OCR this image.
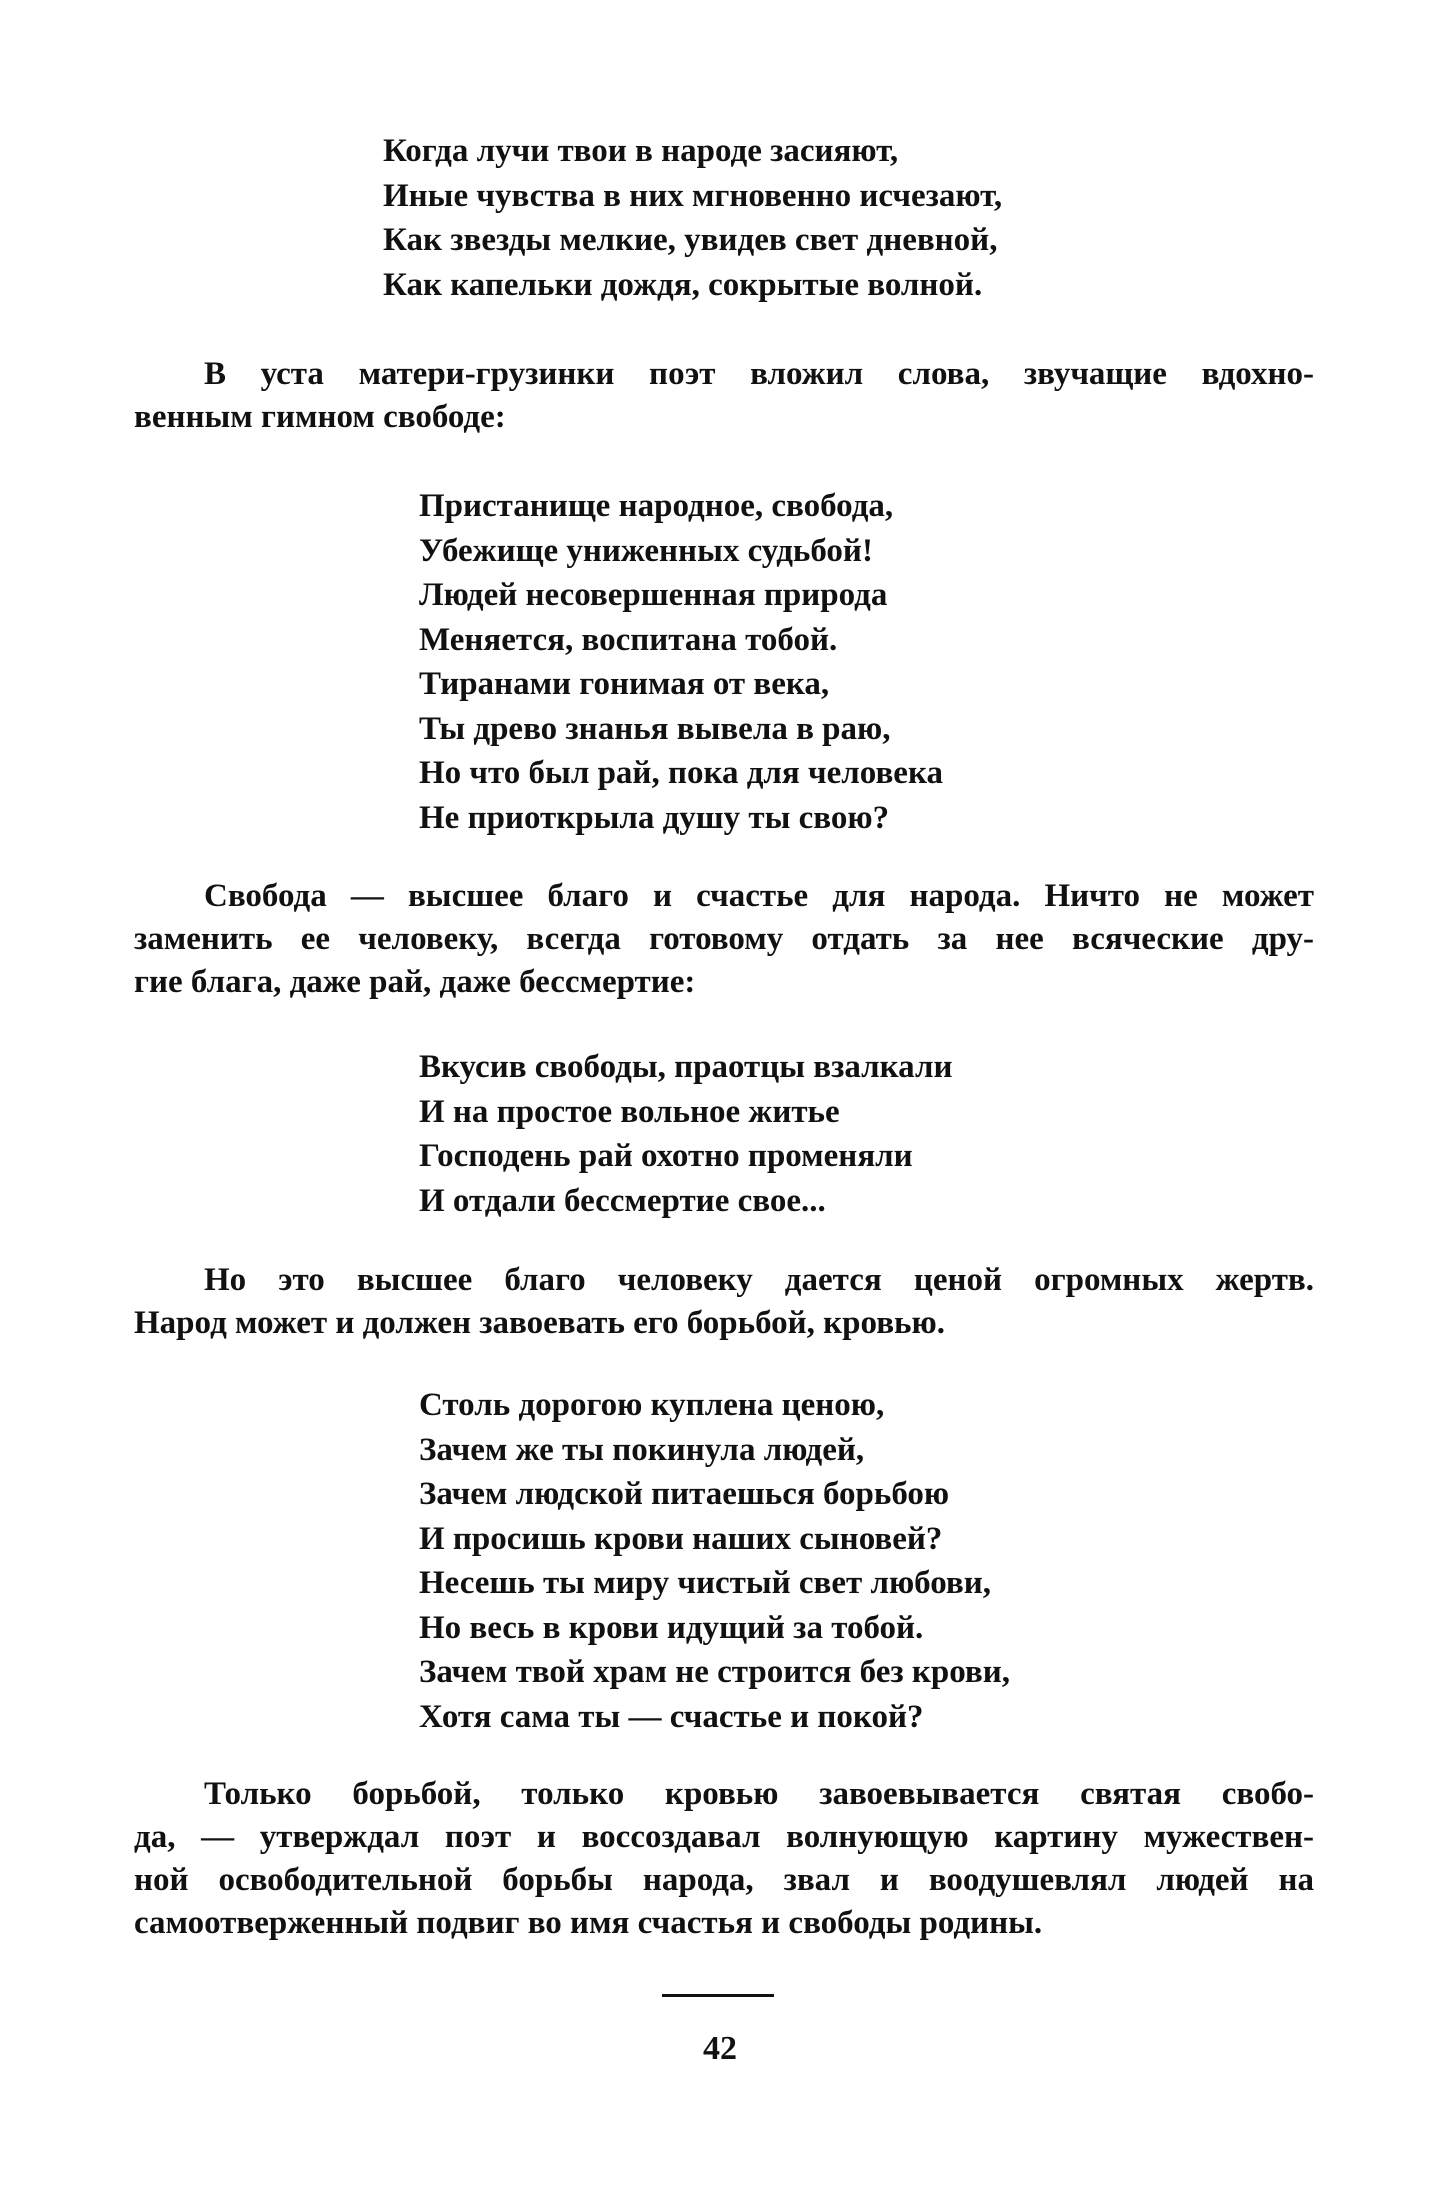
Когда лучи твои в народе засияют,
Иные чувства в них мгновенно исчезают,
Как звезды мелкие, увидев свет дневной,
Как капельки дождя, сокрытые волной.
В уста матери-грузинки поэт вложил слова, звучащие вдохно-
венным гимном свободе:
Пристанище народное, свобода,
Убежище униженных судьбой!
Людей несовершенная природа
Меняется, воспитана тобой.
Тиранами гонимая от века,
Ты древо знанья вывела в раю,
Но что был рай, пока для человека
Не приоткрыла душу ты свою?
Свобода — высшее благо и счастье для народа. Ничто не может
заменить ее человеку, всегда готовому отдать за нее всяческие дру-
гие блага, даже рай, даже бессмертие:
Вкусив свободы, праотцы взалкали
И на простое вольное житье
Господень рай охотно променяли
И отдали бессмертие свое...
Но это высшее благо человеку дается ценой огромных жертв.
Народ может и должен завоевать его борьбой, кровью.
Столь дорогою куплена ценою,
Зачем же ты покинула людей,
Зачем людской питаешься борьбою
И просишь крови наших сыновей?
Несешь ты миру чистый свет любови,
Но весь в крови идущий за тобой.
Зачем твой храм не строится без крови,
Хотя сама ты — счастье и покой?
Только борьбой, только кровью завоевывается святая свобо-
да, — утверждал поэт и воссоздавал волнующую картину мужествен-
ной освободительной борьбы народа, звал и воодушевлял людей на
самоотверженный подвиг во имя счастья и свободы родины.
42
